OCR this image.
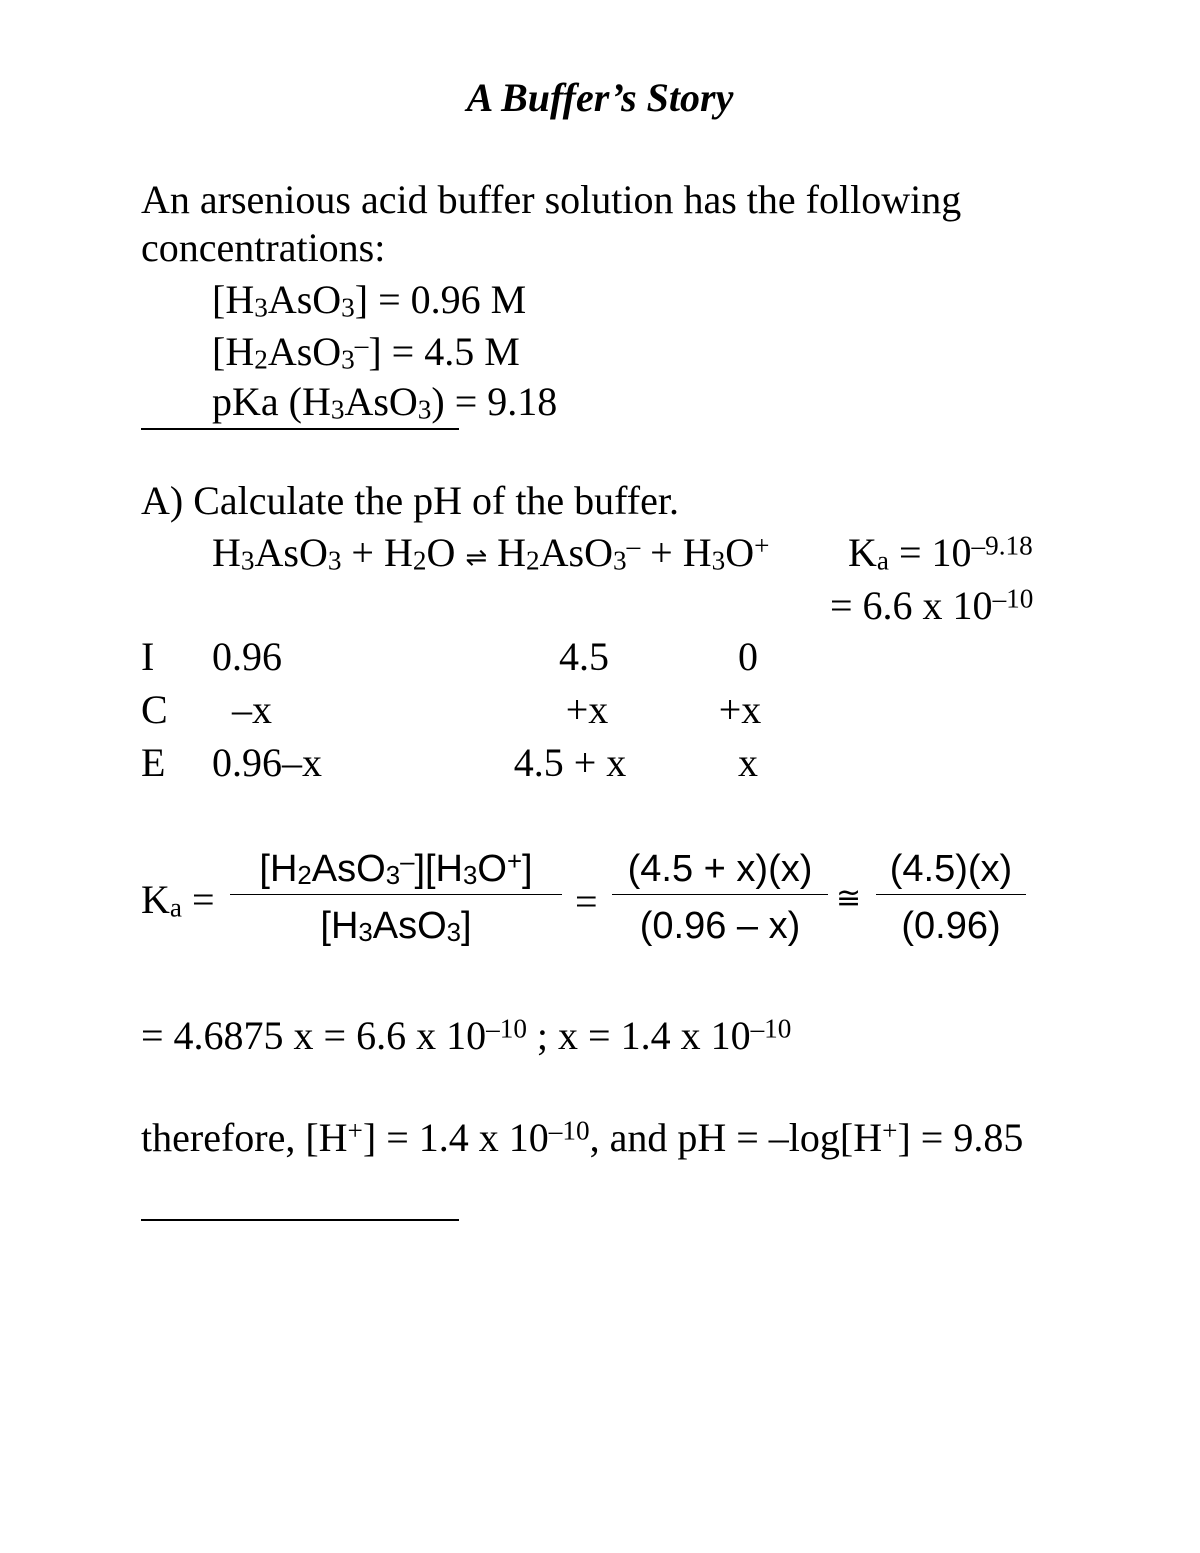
A Buffer’s Story
An arsenious acid buffer solution has the following
concentrations:
$[H_3AsO_3] = 0.96$ M
$[H_2AsO_3^-] = 4.5$ M
pKa $(H_3AsO_3) = 9.18$
A) Calculate the pH of the buffer.
$H_3AsO_3 + H_2O$ ⇌ $H_2AsO_3^- + H_3O^+$ $K_a = 10^{-9.18}$
= 6.6 x $10^{-10}$
I 0.96	4.5	0
C –x	+x	+x
E 0.96–x	4.5 + x	x
$K_a$ =
$[H_2AsO_3^-][H_3O^+]$
$[H_3AsO_3]$
=
(4.5 + x)(x)
(0.96 – x)
≅
(4.5)(x)
(0.96)
= 4.6875 x = 6.6 x $10^{-10}$ ; x = 1.4 x $10^{-10}$
therefore, [H+] = 1.4 x $10^{-10}$, and pH = –log[H+] = 9.85
